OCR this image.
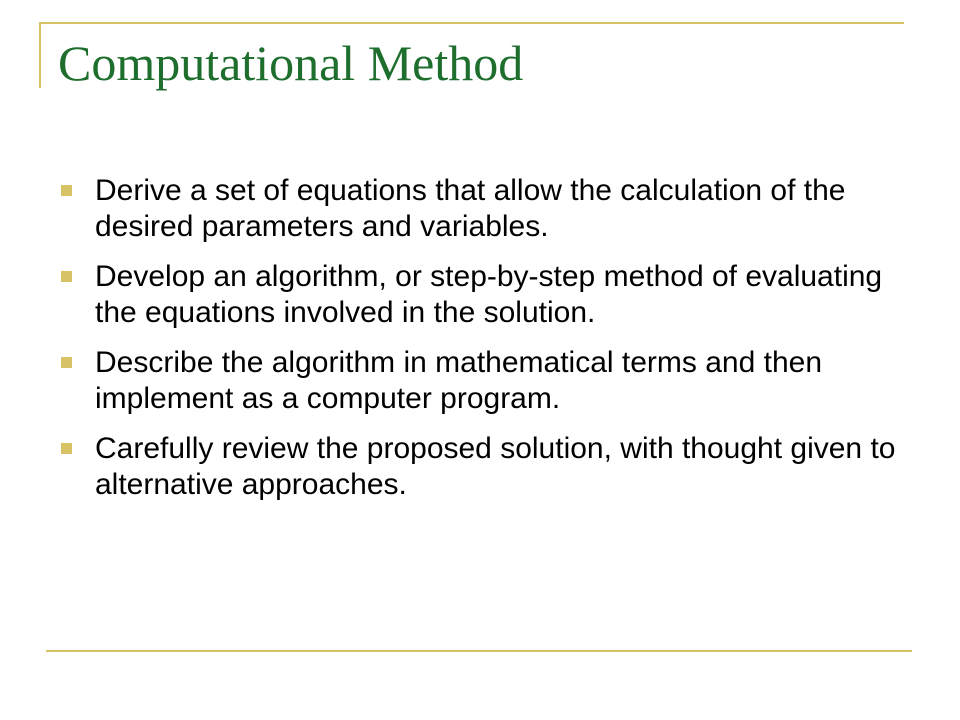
Computational Method
Derive a set of equations that allow the calculation of the desired parameters and variables.
Develop an algorithm, or step-by-step method of evaluating the equations involved in the solution.
Describe the algorithm in mathematical terms and then implement as a computer program.
Carefully review the proposed solution, with thought given to alternative approaches.
